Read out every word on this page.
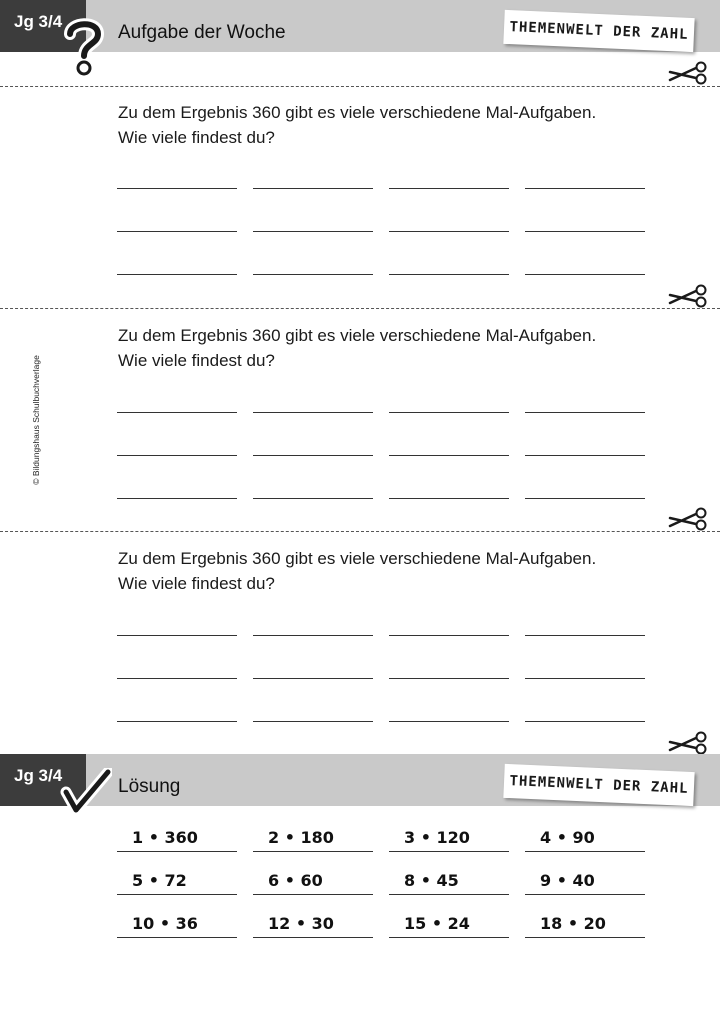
Jg 3/4
Aufgabe der Woche	THEMENWELT DER ZAHL
© Bildungshaus Schulbuchverlage

Zu dem Ergebnis 360 gibt es viele verschiedene Mal-Aufgaben.

Wie viele findest du?

Zu dem Ergebnis 360 gibt es viele verschiedene Mal-Aufgaben.

Wie viele findest du?

Zu dem Ergebnis 360 gibt es viele verschiedene Mal-Aufgaben.

Wie viele findest du?

Jg 3/4
Lösung	THEMENWELT DER ZAHL
1 • 360	2 • 180	3 • 120	4 • 90
5 • 72	6 • 60	8 • 45	9 • 40
10 • 36	12 • 30	15 • 24	18 • 20
